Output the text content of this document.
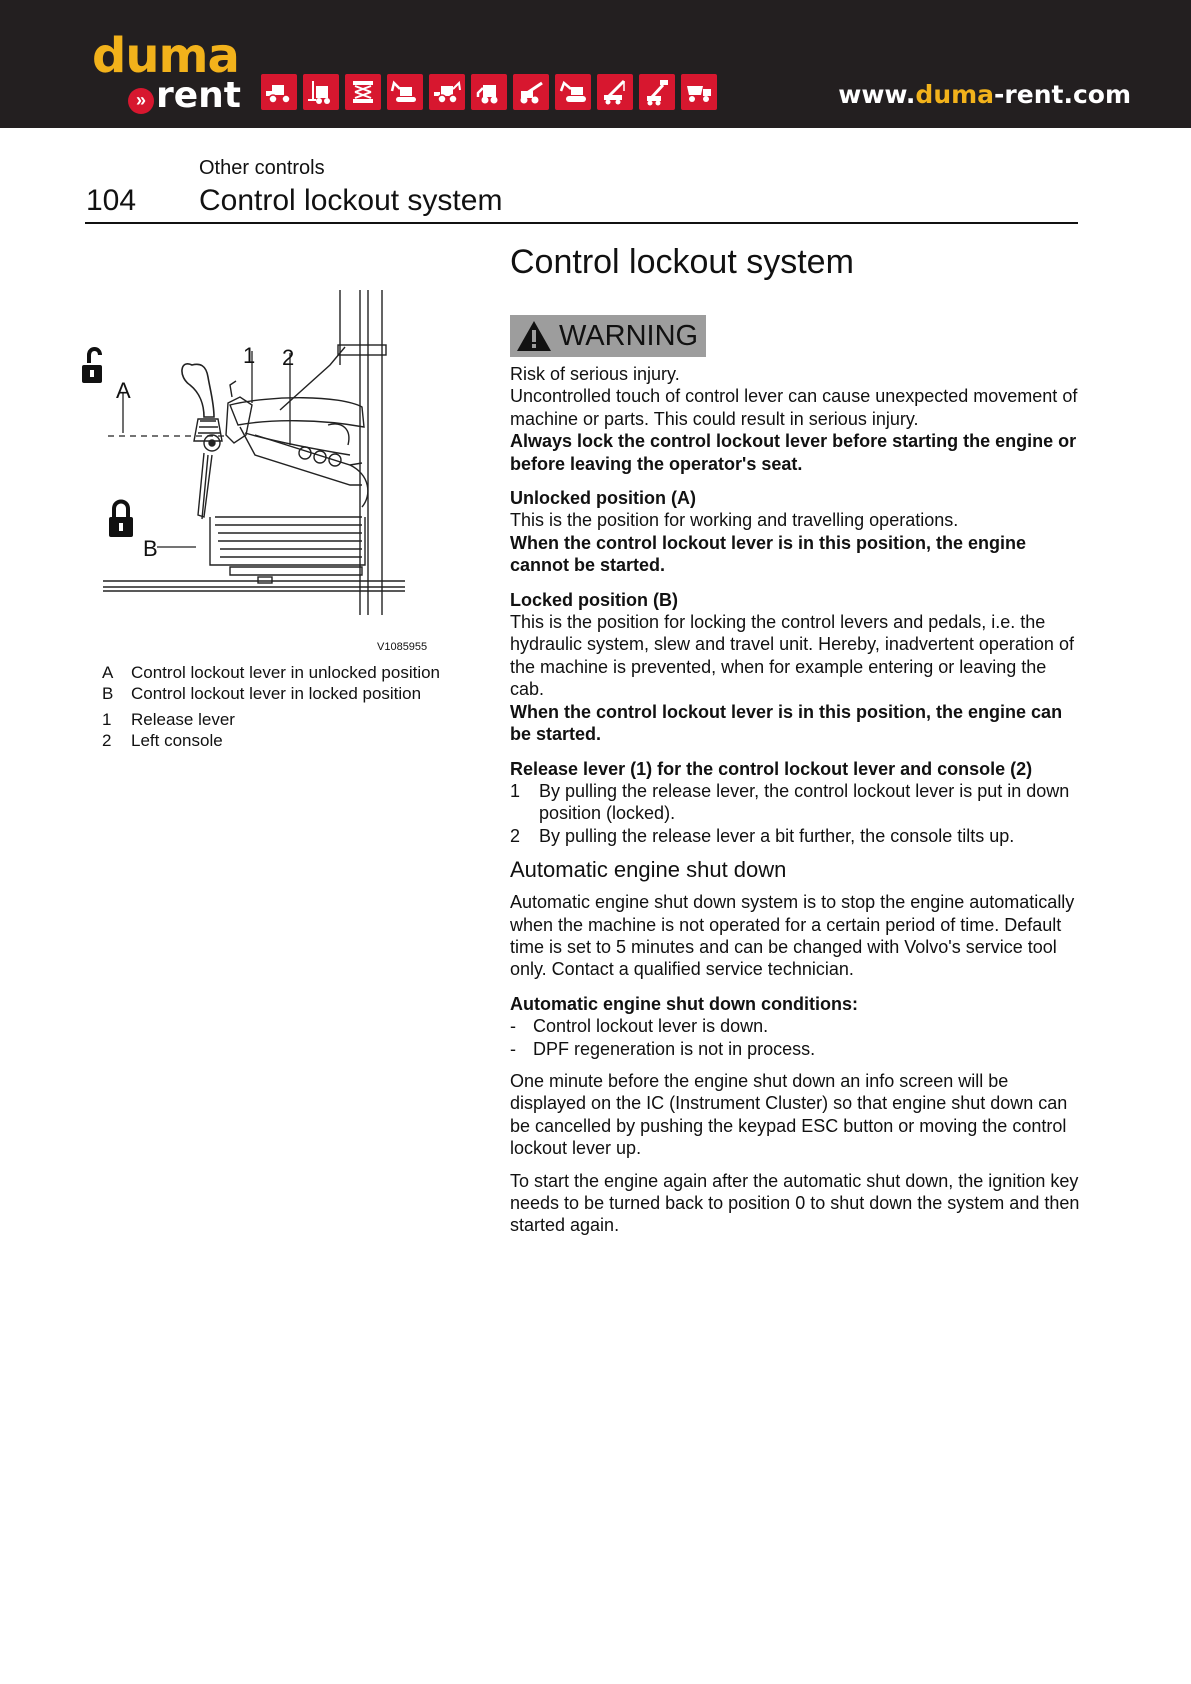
duma
» rent	www.duma-rent.com
Other controls
104 Control lockout system
1 2
A
B
V1085955
A	Control lockout lever in unlocked position
B	Control lockout lever in locked position
1	Release lever
2	Left console
Control lockout system
WARNING

Risk of serious injury.

Uncontrolled touch of control lever can cause unexpected movement of machine or parts. This could result in serious injury.

Always lock the control lockout lever before starting the engine or before leaving the operator's seat.

Unlocked position (A)

This is the position for working and travelling operations.

When the control lockout lever is in this position, the engine cannot be started.

Locked position (B)

This is the position for locking the control levers and pedals, i.e. the hydraulic system, slew and travel unit. Hereby, inadvertent operation of the machine is prevented, when for example entering or leaving the cab.

When the control lockout lever is in this position, the engine can be started.

Release lever (1) for the control lockout lever and console (2)

1	By pulling the release lever, the control lockout lever is put in down position (locked).
2	By pulling the release lever a bit further, the console tilts up.
Automatic engine shut down

Automatic engine shut down system is to stop the engine automatically when the machine is not operated for a certain period of time. Default time is set to 5 minutes and can be changed with Volvo's service tool only. Contact a qualified service technician.

Automatic engine shut down conditions:

- Control lockout lever is down.
- DPF regeneration is not in process.

One minute before the engine shut down an info screen will be displayed on the IC (Instrument Cluster) so that engine shut down can be cancelled by pushing the keypad ESC button or moving the control lockout lever up.

To start the engine again after the automatic shut down, the ignition key needs to be turned back to position 0 to shut down the system and then started again.
